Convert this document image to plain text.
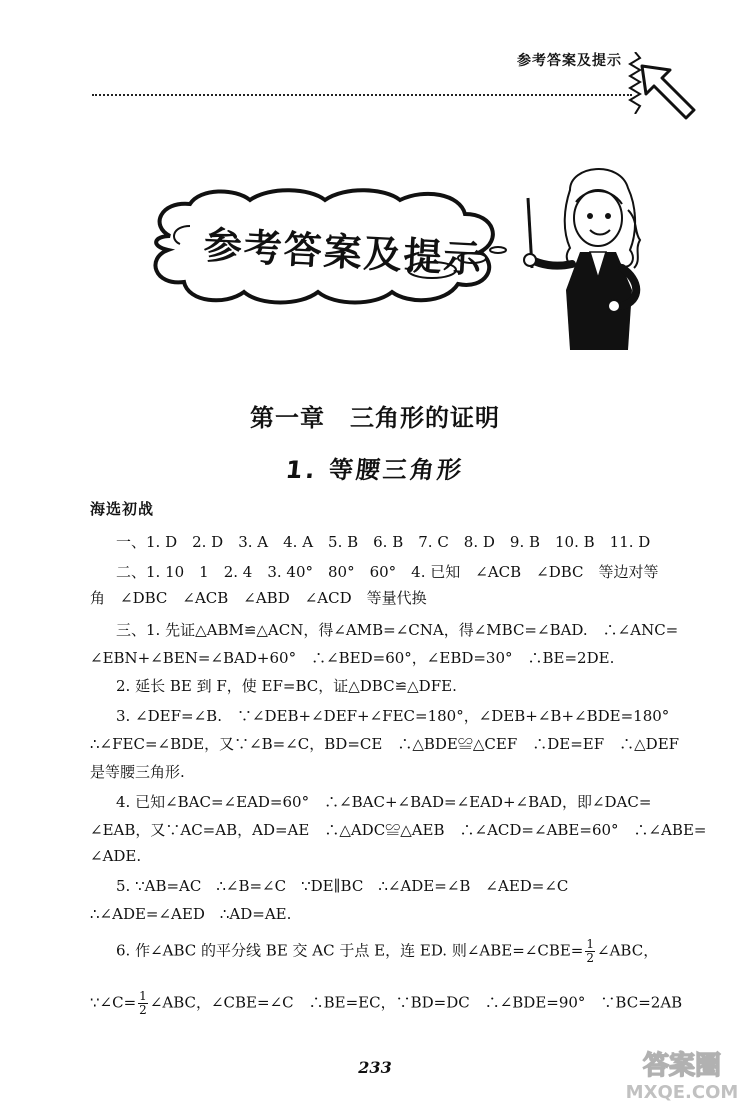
参考答案及提示
参考答案及提示
第一章　三角形的证明
1. 等腰三角形
海选初战
一、1. D　2. D　3. A　4. A　5. B　6. B　7. C　8. D　9. B　10. B　11. D
二、1. 10　1　2. 4　3. 40°　80°　60°　4. 已知　∠ACB　∠DBC　等边对等
角　∠DBC　∠ACB　∠ABD　∠ACD　等量代换
三、1. 先证△ABM≌△ACN，得∠AMB=∠CNA，得∠MBC=∠BAD.　∴∠ANC=
∠EBN+∠BEN=∠BAD+60°　∴∠BED=60°，∠EBD=30°　∴BE=2DE.
2. 延长 BE 到 F，使 EF=BC，证△DBC≌△DFE.
3. ∠DEF=∠B.　∵∠DEB+∠DEF+∠FEC=180°，∠DEB+∠B+∠BDE=180°
∴∠FEC=∠BDE，又∵∠B=∠C，BD=CE　∴△BDE≌△CEF　∴DE=EF　∴△DEF
是等腰三角形.
4. 已知∠BAC=∠EAD=60°　∴∠BAC+∠BAD=∠EAD+∠BAD，即∠DAC=
∠EAB，又∵AC=AB，AD=AE　∴△ADC≌△AEB　∴∠ACD=∠ABE=60°　∴∠ABE=
∠ADE.
5. ∵AB=AC　∴∠B=∠C　∵DE∥BC　∴∠ADE=∠B　∠AED=∠C
∴∠ADE=∠AED　∴AD=AE.
6. 作∠ABC 的平分线 BE 交 AC 于点 E，连 ED. 则∠ABE=∠CBE= $\frac{1}{2}$ ∠ABC，
∵∠C= $\frac{1}{2}$ ∠ABC，∠CBE=∠C　∴BE=EC，∵BD=DC　∴∠BDE=90°　∵BC=2AB
233	答案圈
MXQE.COM
